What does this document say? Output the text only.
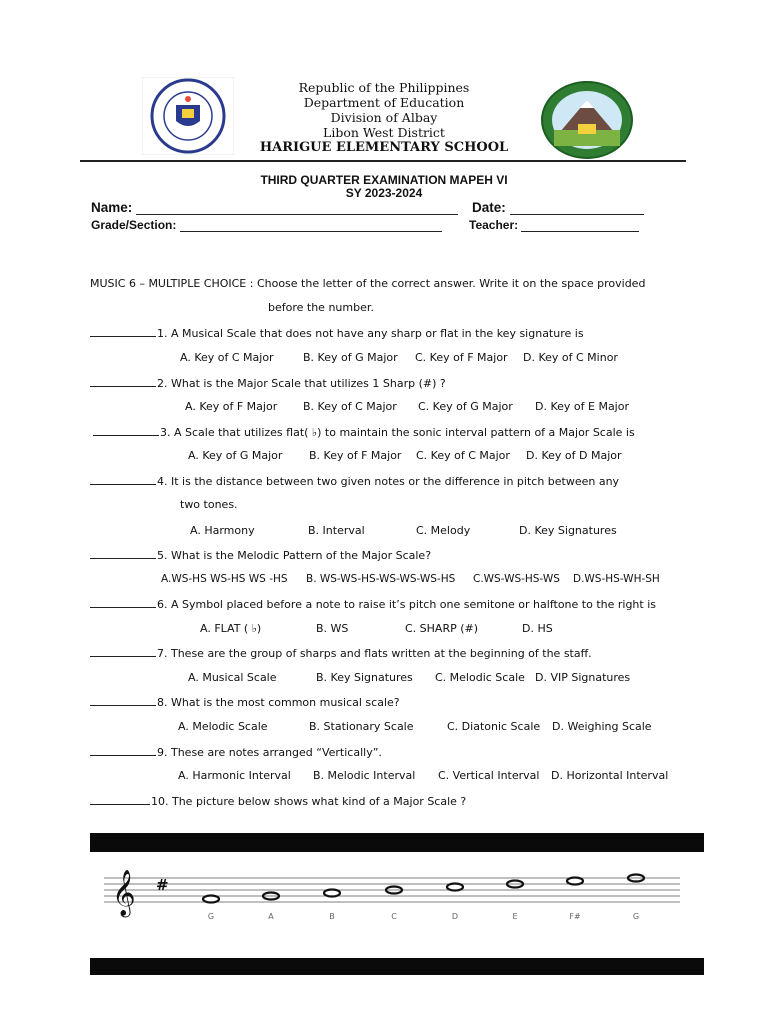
Republic of the Philippines
Department of Education
Division of Albay
Libon West District
HARIGUE ELEMENTARY SCHOOL
THIRD QUARTER EXAMINATION MAPEH VI
SY 2023-2024
Name:	Date:
Grade/Section:	Teacher:
MUSIC 6 – MULTIPLE CHOICE : Choose the letter of the correct answer. Write it on the space provided
before the number.
1. A Musical Scale that does not have any sharp or flat in the key signature is
A. Key of C Major	B. Key of G Major C. Key of F Major D. Key of C Minor
2. What is the Major Scale that utilizes 1 Sharp (#) ?
A. Key of F Major B. Key of C Major C. Key of G Major D. Key of E Major
3. A Scale that utilizes flat( ♭) to maintain the sonic interval pattern of a Major Scale is
A. Key of G Major B. Key of F Major C. Key of C Major D. Key of D Major
4. It is the distance between two given notes or the difference in pitch between any
two tones.
A. Harmony	B. Interval	C. Melody	D. Key Signatures
5. What is the Melodic Pattern of the Major Scale?
A.WS-HS WS-HS WS -HS B. WS-WS-HS-WS-WS-WS-HS C.WS-WS-HS-WS D.WS-HS-WH-SH
6. A Symbol placed before a note to raise it’s pitch one semitone or halftone to the right is
A. FLAT ( ♭)	B. WS	C. SHARP (#)	D. HS
7. These are the group of sharps and flats written at the beginning of the staff.
A. Musical Scale	B. Key Signatures C. Melodic Scale D. VIP Signatures
8. What is the most common musical scale?
A. Melodic Scale	B. Stationary Scale	C. Diatonic Scale D. Weighing Scale
9. These are notes arranged “Vertically”.
A. Harmonic Interval B. Melodic Interval C. Vertical Interval D. Horizontal Interval
10. The picture below shows what kind of a Major Scale ?
𝄞 #
G	A	B	C	D	E	F#	G
